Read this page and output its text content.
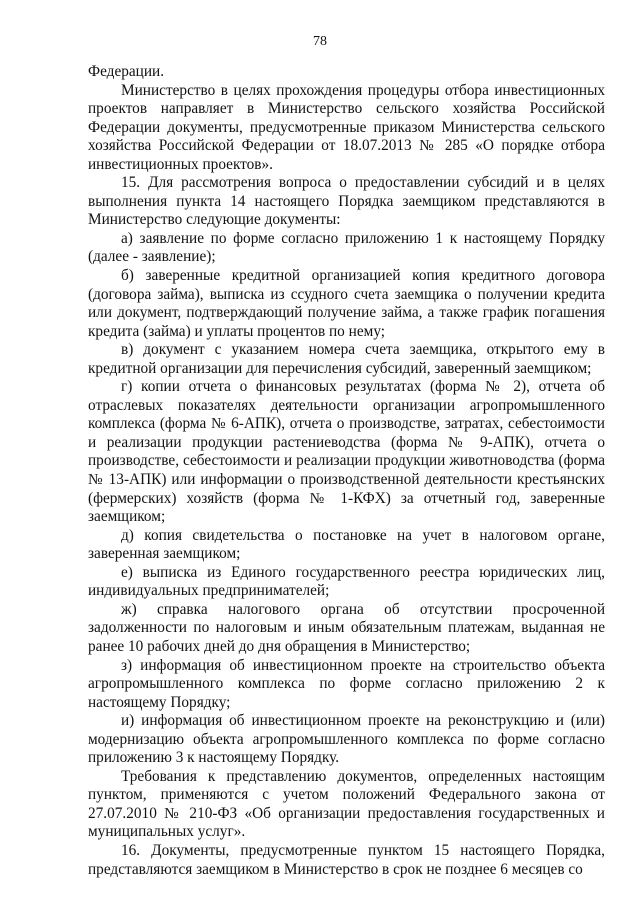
78

Федерации.

Министерство в целях прохождения процедуры отбора инвестиционных проектов направляет в Министерство сельского хозяйства Российской Федерации документы, предусмотренные приказом Министерства сельского хозяйства Российской Федерации от 18.07.2013 № 285 «О порядке отбора инвестиционных проектов».

15. Для рассмотрения вопроса о предоставлении субсидий и в целях выполнения пункта 14 настоящего Порядка заемщиком представляются в Министерство следующие документы:

а) заявление по форме согласно приложению 1 к настоящему Порядку (далее - заявление);

б) заверенные кредитной организацией копия кредитного договора (договора займа), выписка из ссудного счета заемщика о получении кредита или документ, подтверждающий получение займа, а также график погашения кредита (займа) и уплаты процентов по нему;

в) документ с указанием номера счета заемщика, открытого ему в кредитной организации для перечисления субсидий, заверенный заемщиком;

г) копии отчета о финансовых результатах (форма № 2), отчета об отраслевых показателях деятельности организации агропромышленного комплекса (форма № 6-АПК), отчета о производстве, затратах, себестоимости и реализации продукции растениеводства (форма № 9-АПК), отчета о производстве, себестоимости и реализации продукции животноводства (форма № 13-АПК) или информации о производственной деятельности крестьянских (фермерских) хозяйств (форма № 1-КФХ) за отчетный год, заверенные заемщиком;

д) копия свидетельства о постановке на учет в налоговом органе, заверенная заемщиком;

е) выписка из Единого государственного реестра юридических лиц, индивидуальных предпринимателей;

ж) справка налогового органа об отсутствии просроченной задолженности по налоговым и иным обязательным платежам, выданная не ранее 10 рабочих дней до дня обращения в Министерство;

з) информация об инвестиционном проекте на строительство объекта агропромышленного комплекса по форме согласно приложению 2 к настоящему Порядку;

и) информация об инвестиционном проекте на реконструкцию и (или) модернизацию объекта агропромышленного комплекса по форме согласно приложению 3 к настоящему Порядку.

Требования к представлению документов, определенных настоящим пунктом, применяются с учетом положений Федерального закона от 27.07.2010 № 210-ФЗ «Об организации предоставления государственных и муниципальных услуг».

16. Документы, предусмотренные пунктом 15 настоящего Порядка, представляются заемщиком в Министерство в срок не позднее 6 месяцев со
